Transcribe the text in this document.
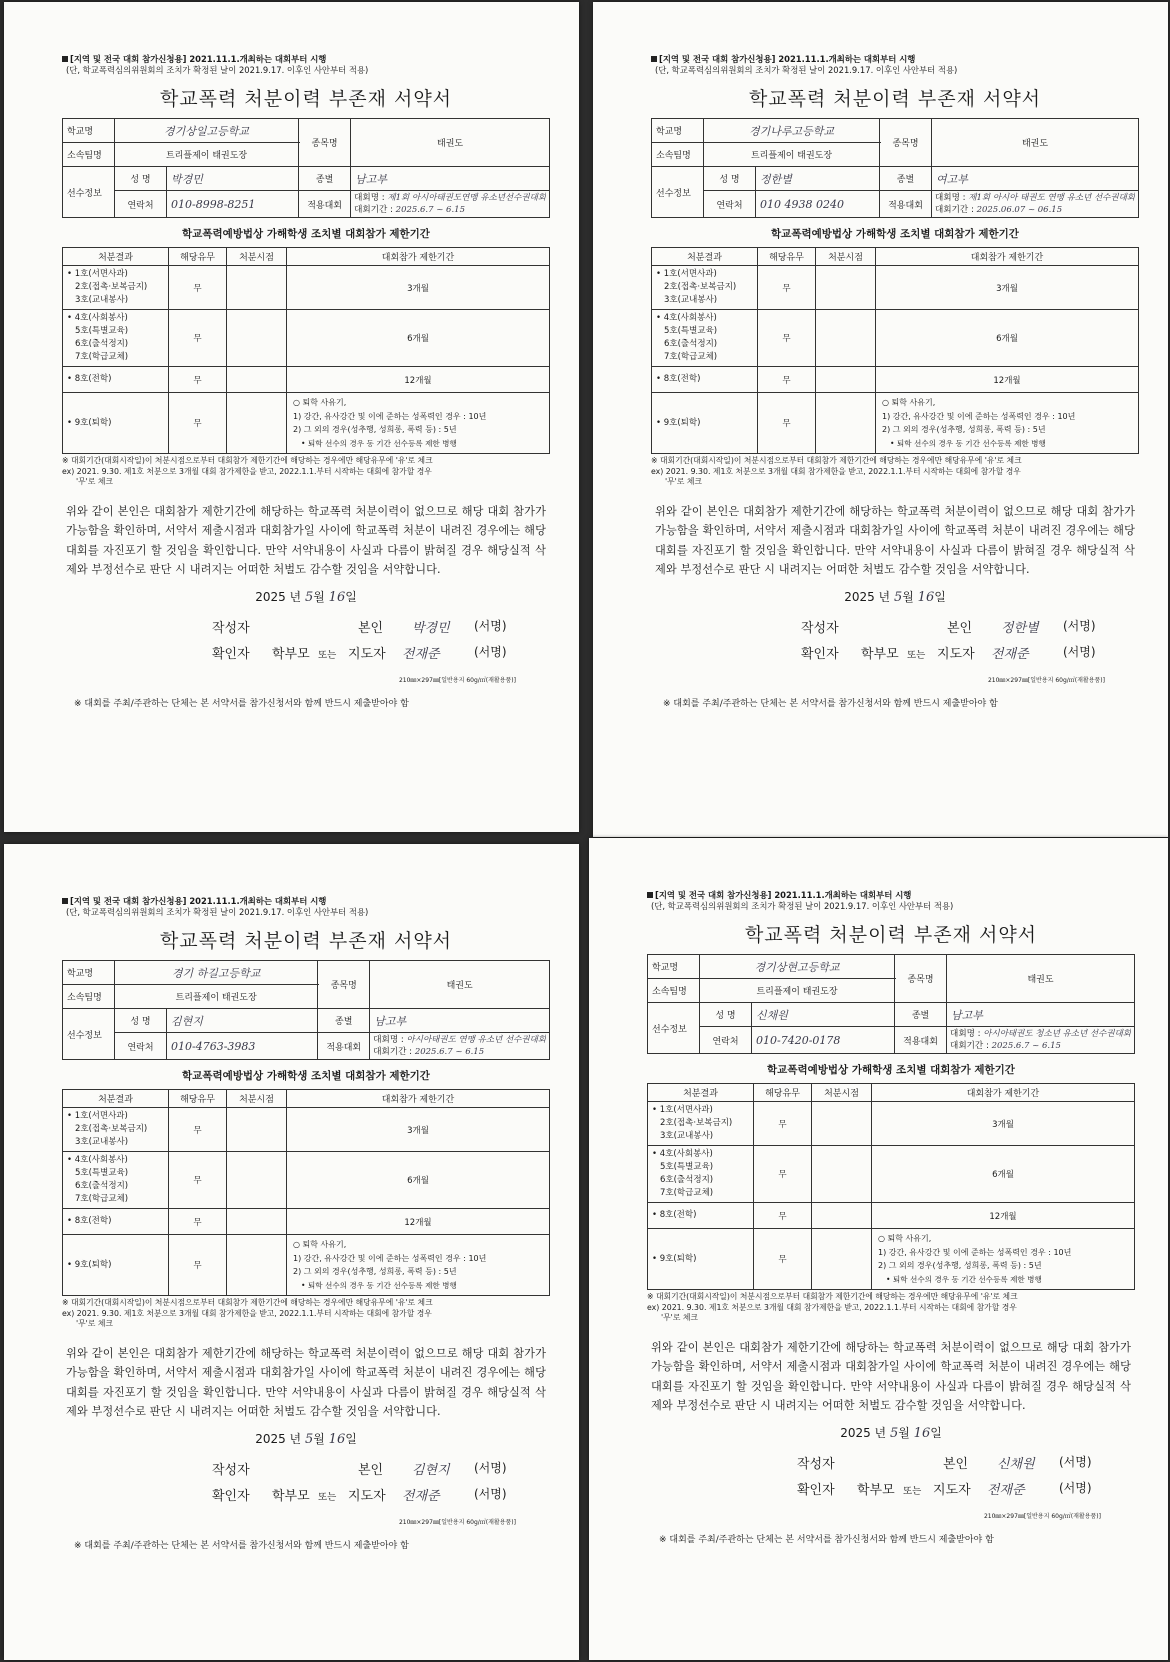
[지역 및 전국 대회 참가신청용] 2021.11.1.개최하는 대회부터 시행
(단, 학교폭력심의위원회의 조치가 확정된 날이 2021.9.17. 이후인 사안부터 적용)
학교폭력 처분이력 부존재 서약서
학교명	경기상일고등학교		종목명	태권도
소속팀명	트리플제이 태권도장			
선수정보	성 명	박경민	종별	남고부
	연락처	010-8998-8251	적용대회	대회명 : 제1회 아시아태권도연맹 유소년선수권대회
대회기간 : 2025.6.7 ~ 6.15
학교폭력예방법상 가해학생 조치별 대회참가 제한기간
처분결과	해당유무	처분시점	대회참가 제한기간

• 1호(서면사과)
2호(접촉·보복금지)
3호(교내봉사)	무		3개월

• 4호(사회봉사)
5호(특별교육)
6호(출석정지)
7호(학급교체)	무		6개월
• 8호(전학)	무		12개월
• 9호(퇴학)	무		○ 퇴학 사유기,
1) 강간, 유사강간 및 이에 준하는 성폭력인 경우 : 10년
2) 그 외의 경우(성추행, 성희롱, 폭력 등) : 5년
• 퇴학 선수의 경우 동 기간 선수등록 제한 병행
※ 대회기간(대회시작일)이 처분시점으로부터 대회참가 제한기간에 해당하는 경우에만 해당유무에 '유'로 체크
ex) 2021. 9.30. 제1호 처분으로 3개월 대회 참가제한을 받고, 2022.1.1.부터 시작하는 대회에 참가할 경우
'무'로 체크
위와 같이 본인은 대회참가 제한기간에 해당하는 학교폭력 처분이력이 없으므로 해당 대회 참가가 가능함을 확인하며, 서약서 제출시점과 대회참가일 사이에 학교폭력 처분이 내려진 경우에는 해당대회를 자진포기 할 것임을 확인합니다. 만약 서약내용이 사실과 다름이 밝혀질 경우 해당실적 삭제와 부정선수로 판단 시 내려지는 어떠한 처벌도 감수할 것임을 서약합니다.
2025 년 5월 16일
작성자	본인 박경민 (서명)
확인자 학부모 또는 지도자 전재준	(서명)
210㎜×297㎜[일반용지 60g/㎡(재활용품)]
※ 대회를 주최/주관하는 단체는 본 서약서를 참가신청서와 함께 반드시 제출받아야 함
[지역 및 전국 대회 참가신청용] 2021.11.1.개최하는 대회부터 시행
(단, 학교폭력심의위원회의 조치가 확정된 날이 2021.9.17. 이후인 사안부터 적용)
학교폭력 처분이력 부존재 서약서
학교명	경기나루고등학교		종목명	태권도
소속팀명	트리플제이 태권도장			
선수정보	성 명	정한별	종별	여고부
	연락처	010 4938 0240	적용대회	대회명 : 제1회 아시아 태권도 연맹 유소년 선수권대회
대회기간 : 2025.06.07 ~ 06.15
학교폭력예방법상 가해학생 조치별 대회참가 제한기간
처분결과	해당유무	처분시점	대회참가 제한기간

• 1호(서면사과)
2호(접촉·보복금지)
3호(교내봉사)	무		3개월

• 4호(사회봉사)
5호(특별교육)
6호(출석정지)
7호(학급교체)	무		6개월
• 8호(전학)	무		12개월
• 9호(퇴학)	무		○ 퇴학 사유기,
1) 강간, 유사강간 및 이에 준하는 성폭력인 경우 : 10년
2) 그 외의 경우(성추행, 성희롱, 폭력 등) : 5년
• 퇴학 선수의 경우 동 기간 선수등록 제한 병행
※ 대회기간(대회시작일)이 처분시점으로부터 대회참가 제한기간에 해당하는 경우에만 해당유무에 '유'로 체크
ex) 2021. 9.30. 제1호 처분으로 3개월 대회 참가제한을 받고, 2022.1.1.부터 시작하는 대회에 참가할 경우
'무'로 체크
위와 같이 본인은 대회참가 제한기간에 해당하는 학교폭력 처분이력이 없으므로 해당 대회 참가가 가능함을 확인하며, 서약서 제출시점과 대회참가일 사이에 학교폭력 처분이 내려진 경우에는 해당대회를 자진포기 할 것임을 확인합니다. 만약 서약내용이 사실과 다름이 밝혀질 경우 해당실적 삭제와 부정선수로 판단 시 내려지는 어떠한 처벌도 감수할 것임을 서약합니다.
2025 년 5월 16일
작성자	본인 정한별 (서명)
확인자 학부모 또는 지도자 전재준	(서명)
210㎜×297㎜[일반용지 60g/㎡(재활용품)]
※ 대회를 주최/주관하는 단체는 본 서약서를 참가신청서와 함께 반드시 제출받아야 함
[지역 및 전국 대회 참가신청용] 2021.11.1.개최하는 대회부터 시행
(단, 학교폭력심의위원회의 조치가 확정된 날이 2021.9.17. 이후인 사안부터 적용)
학교폭력 처분이력 부존재 서약서
학교명	경기 하길고등학교		종목명	태권도
소속팀명	트리플제이 태권도장			
선수정보	성 명	김현지	종별	남고부
	연락처	010-4763-3983	적용대회	대회명 : 아시아태권도 연맹 유소년 선수권대회
대회기간 : 2025.6.7 ~ 6.15
학교폭력예방법상 가해학생 조치별 대회참가 제한기간
처분결과	해당유무	처분시점	대회참가 제한기간

• 1호(서면사과)
2호(접촉·보복금지)
3호(교내봉사)	무		3개월

• 4호(사회봉사)
5호(특별교육)
6호(출석정지)
7호(학급교체)	무		6개월
• 8호(전학)	무		12개월
• 9호(퇴학)	무		○ 퇴학 사유기,
1) 강간, 유사강간 및 이에 준하는 성폭력인 경우 : 10년
2) 그 외의 경우(성추행, 성희롱, 폭력 등) : 5년
• 퇴학 선수의 경우 동 기간 선수등록 제한 병행
※ 대회기간(대회시작일)이 처분시점으로부터 대회참가 제한기간에 해당하는 경우에만 해당유무에 '유'로 체크
ex) 2021. 9.30. 제1호 처분으로 3개월 대회 참가제한을 받고, 2022.1.1.부터 시작하는 대회에 참가할 경우
'무'로 체크
위와 같이 본인은 대회참가 제한기간에 해당하는 학교폭력 처분이력이 없으므로 해당 대회 참가가 가능함을 확인하며, 서약서 제출시점과 대회참가일 사이에 학교폭력 처분이 내려진 경우에는 해당대회를 자진포기 할 것임을 확인합니다. 만약 서약내용이 사실과 다름이 밝혀질 경우 해당실적 삭제와 부정선수로 판단 시 내려지는 어떠한 처벌도 감수할 것임을 서약합니다.
2025 년 5월 16일
작성자	본인 김현지 (서명)
확인자 학부모 또는 지도자 전재준	(서명)
210㎜×297㎜[일반용지 60g/㎡(재활용품)]
※ 대회를 주최/주관하는 단체는 본 서약서를 참가신청서와 함께 반드시 제출받아야 함
[지역 및 전국 대회 참가신청용] 2021.11.1.개최하는 대회부터 시행
(단, 학교폭력심의위원회의 조치가 확정된 날이 2021.9.17. 이후인 사안부터 적용)
학교폭력 처분이력 부존재 서약서
학교명	경기상현고등학교		종목명	태권도
소속팀명	트리플제이 태권도장			
선수정보	성 명	신채원	종별	남고부
	연락처	010-7420-0178	적용대회	대회명 : 아시아태권도 청소년 유소년 선수권대회
대회기간 : 2025.6.7 ~ 6.15
학교폭력예방법상 가해학생 조치별 대회참가 제한기간
처분결과	해당유무	처분시점	대회참가 제한기간

• 1호(서면사과)
2호(접촉·보복금지)
3호(교내봉사)	무		3개월

• 4호(사회봉사)
5호(특별교육)
6호(출석정지)
7호(학급교체)	무		6개월
• 8호(전학)	무		12개월
• 9호(퇴학)	무		○ 퇴학 사유기,
1) 강간, 유사강간 및 이에 준하는 성폭력인 경우 : 10년
2) 그 외의 경우(성추행, 성희롱, 폭력 등) : 5년
• 퇴학 선수의 경우 동 기간 선수등록 제한 병행
※ 대회기간(대회시작일)이 처분시점으로부터 대회참가 제한기간에 해당하는 경우에만 해당유무에 '유'로 체크
ex) 2021. 9.30. 제1호 처분으로 3개월 대회 참가제한을 받고, 2022.1.1.부터 시작하는 대회에 참가할 경우
'무'로 체크
위와 같이 본인은 대회참가 제한기간에 해당하는 학교폭력 처분이력이 없으므로 해당 대회 참가가 가능함을 확인하며, 서약서 제출시점과 대회참가일 사이에 학교폭력 처분이 내려진 경우에는 해당대회를 자진포기 할 것임을 확인합니다. 만약 서약내용이 사실과 다름이 밝혀질 경우 해당실적 삭제와 부정선수로 판단 시 내려지는 어떠한 처벌도 감수할 것임을 서약합니다.
2025 년 5월 16일
작성자	본인 신채원 (서명)
확인자 학부모 또는 지도자 전재준	(서명)
210㎜×297㎜[일반용지 60g/㎡(재활용품)]
※ 대회를 주최/주관하는 단체는 본 서약서를 참가신청서와 함께 반드시 제출받아야 함
